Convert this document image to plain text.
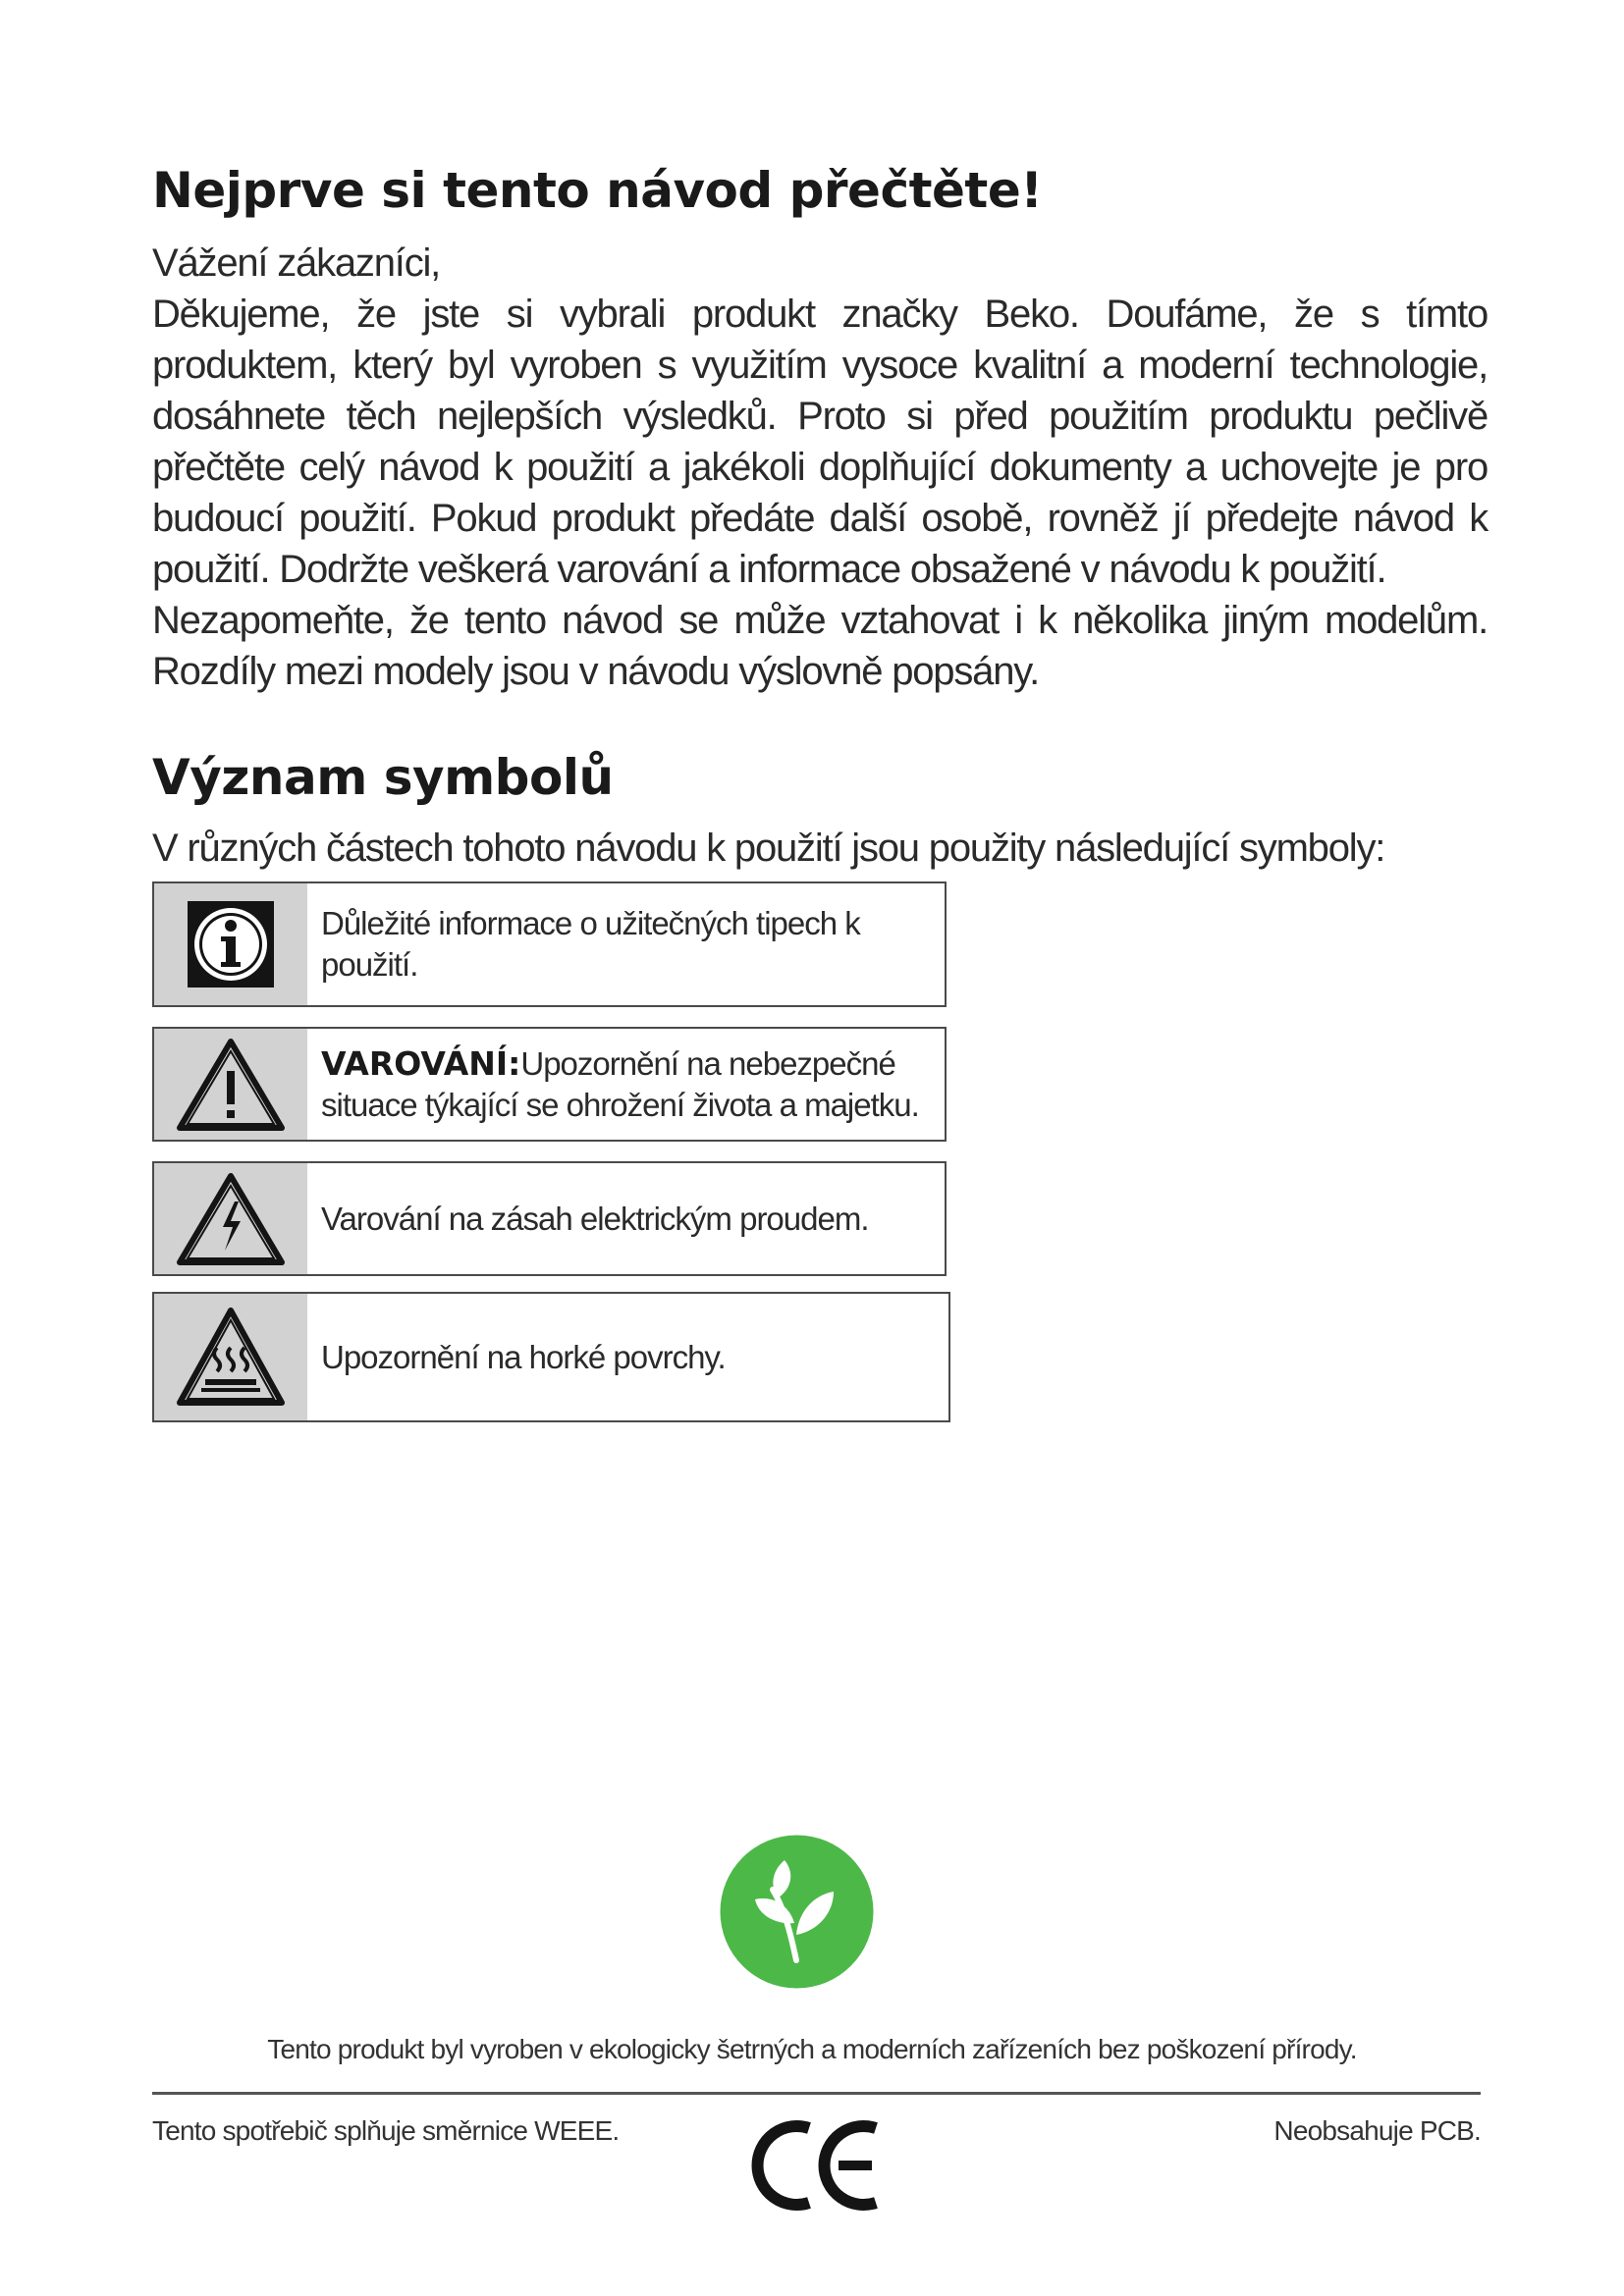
Nejprve si tento návod přečtěte!

Vážení zákazníci,

Děkujeme, že jste si vybrali produkt značky Beko. Doufáme, že s tímto produktem, který byl vyroben s využitím vysoce kvalitní a moderní technologie, dosáhnete těch nejlepších výsledků. Proto si před použitím produktu pečlivě přečtěte celý návod k použití a jakékoli doplňující dokumenty a uchovejte je pro budoucí použití. Pokud produkt předáte další osobě, rovněž jí předejte návod k použití. Dodržte veškerá varování a informace obsažené v návodu k použití.

Nezapomeňte, že tento návod se může vztahovat i k několika jiným modelům. Rozdíly mezi modely jsou v návodu výslovně popsány.

Význam symbolů

V různých částech tohoto návodu k použití jsou použity následující symboly:

Důležité informace o užitečných tipech k použití.
VAROVÁNÍ:Upozornění na nebezpečné situace týkající se ohrožení života a majetku.
Varování na zásah elektrickým proudem.
Upozornění na horké povrchy.
Tento produkt byl vyroben v ekologicky šetrných a moderních zařízeních bez poškození přírody.
Tento spotřebič splňuje směrnice WEEE.	Neobsahuje PCB.
